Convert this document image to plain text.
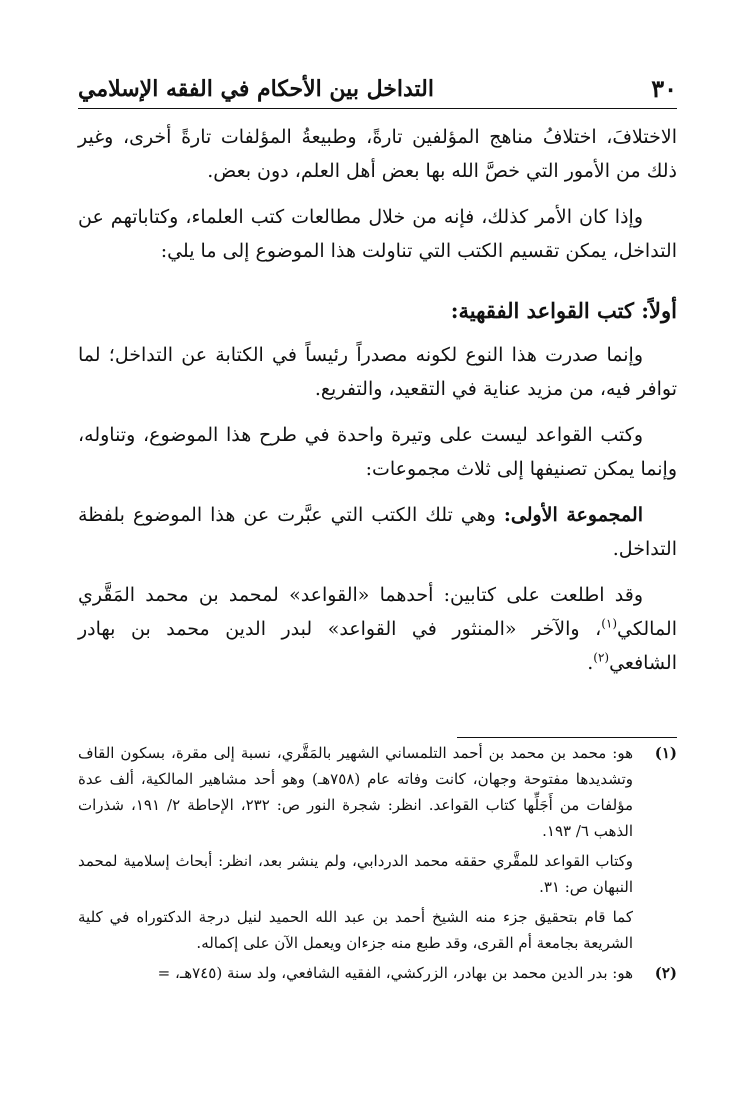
٣٠
التداخل بين الأحكام في الفقه الإسلامي

الاختلافَ، اختلافُ مناهج المؤلفين تارةً، وطبيعةُ المؤلفات تارةً أخرى، وغير ذلك من الأمور التي خصَّ الله بها بعض أهل العلم، دون بعض.

وإذا كان الأمر كذلك، فإنه من خلال مطالعات كتب العلماء، وكتاباتهم عن التداخل، يمكن تقسيم الكتب التي تناولت هذا الموضوع إلى ما يلي:

أولاً: كتب القواعد الفقهية:

وإنما صدرت هذا النوع لكونه مصدراً رئيساً في الكتابة عن التداخل؛ لما توافر فيه، من مزيد عناية في التقعيد، والتفريع.

وكتب القواعد ليست على وتيرة واحدة في طرح هذا الموضوع، وتناوله، وإنما يمكن تصنيفها إلى ثلاث مجموعات:

المجموعة الأولى: وهي تلك الكتب التي عبَّرت عن هذا الموضوع بلفظة التداخل.

وقد اطلعت على كتابين: أحدهما «القواعد» لمحمد بن محمد المَقَّري المالكي$^{(١)}$، والآخر «المنثور في القواعد» لبدر الدين محمد بن بهادر الشافعي$^{(٢)}$.

(١)
هو: محمد بن محمد بن أحمد التلمساني الشهير بالمَقَّري، نسبة إلى مقرة، بسكون القاف وتشديدها مفتوحة وجهان، كانت وفاته عام (٧٥٨هـ) وهو أحد مشاهير المالكية، ألف عدة مؤلفات من أَجَلِّها كتاب القواعد. انظر: شجرة النور ص: ٢٣٢، الإحاطة ٢/ ١٩١، شذرات الذهب ٦/ ١٩٣.
وكتاب القواعد للمقَّري حققه محمد الدردابي، ولم ينشر بعد، انظر: أبحاث إسلامية لمحمد النبهان ص: ٣١.
كما قام بتحقيق جزء منه الشيخ أحمد بن عبد الله الحميد لنيل درجة الدكتوراه في كلية الشريعة بجامعة أم القرى، وقد طبع منه جزءان ويعمل الآن على إكماله.
(٢)
هو: بدر الدين محمد بن بهادر، الزركشي، الفقيه الشافعي، ولد سنة (٧٤٥هـ، =
